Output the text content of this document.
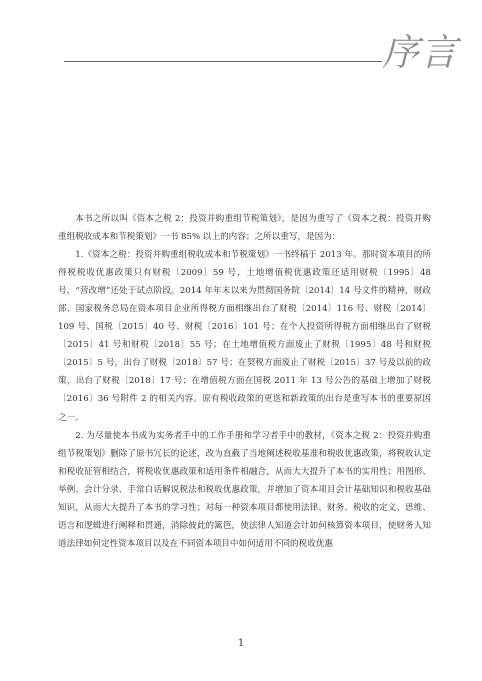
序言

本书之所以叫《资本之税 2：投资并购重组节税策划》，是因为重写了《资本之税：投资并购重组税收成本和节税策划》一书 85% 以上的内容；之所以重写，是因为：

1.《资本之税：投资并购重组税收成本和节税策划》一书终稿于 2013 年。那时资本项目的所得税税收优惠政策只有财税〔2009〕59 号，土地增值税优惠政策还适用财税〔1995〕48 号，“营改增”还处于试点阶段。2014 年年末以来为贯彻国务院〔2014〕14 号文件的精神，财政部、国家税务总局在资本项目企业所得税方面相继出台了财税〔2014〕116 号、财税〔2014〕109 号、国税〔2015〕40 号、财税〔2016〕101 号；在个人投资所得税方面相继出台了财税〔2015〕41 号和财税〔2018〕55 号；在土地增值税方面废止了财税〔1995〕48 号和财税〔2015〕5 号，出台了财税〔2018〕57 号；在契税方面废止了财税〔2015〕37 号及以前的政策，出台了财税〔2018〕17 号；在增值税方面在国税 2011 年 13 号公告的基础上增加了财税〔2016〕36 号附件 2 的相关内容。原有税收政策的更迭和新政策的出台是重写本书的重要原因之一。

2. 为尽量使本书成为实务者手中的工作手册和学习者手中的教材，《资本之税 2：投资并购重组节税策划》删除了原书冗长的论述，改为直截了当地阐述税收基准和税收优惠政策，将税收认定和税收征管相结合，将税收优惠政策和适用条件相融合，从而大大提升了本书的实用性；用图形、举例、会计分录、手常白话解说税法和税收优惠政策，并增加了资本项目会计基础知识和税收基础知识，从而大大提升了本书的学习性；对每一种资本项目都使用法律、财务、税收的定义、思维、语言和逻辑进行阐释和贯通，消除彼此的篱笆，使法律人知道会计如何核算资本项目，使财务人知道法律如何定性资本项目以及在不同资本项目中如何适用不同的税收优惠

1
